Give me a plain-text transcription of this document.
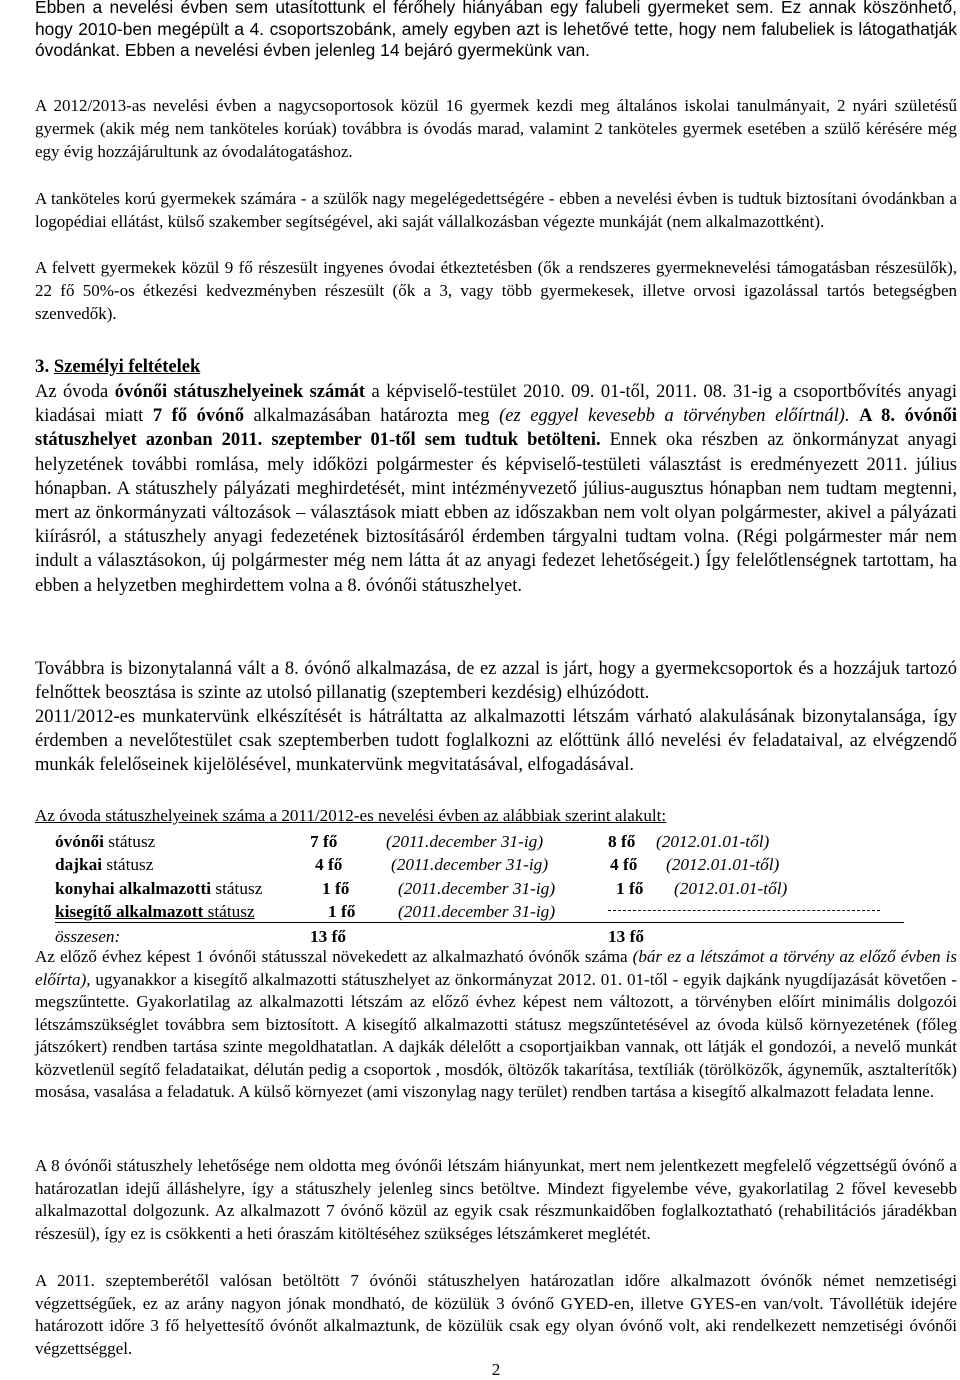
Ebben a nevelési évben sem utasítottunk el férőhely hiányában egy falubeli gyermeket sem. Ez annak köszönhető, hogy 2010-ben megépült a 4. csoportszobánk, amely egyben azt is lehetővé tette, hogy nem falubeliek is látogathatják óvodánkat. Ebben a nevelési évben jelenleg 14 bejáró gyermekünk van.

A 2012/2013-as nevelési évben a nagycsoportosok közül 16 gyermek kezdi meg általános iskolai tanulmányait, 2 nyári születésű gyermek (akik még nem tanköteles korúak) továbbra is óvodás marad, valamint 2 tanköteles gyermek esetében a szülő kérésére még egy évig hozzájárultunk az óvodalátogatáshoz.

A tanköteles korú gyermekek számára - a szülők nagy megelégedettségére - ebben a nevelési évben is tudtuk biztosítani óvodánkban a logopédiai ellátást, külső szakember segítségével, aki saját vállalkozásban végezte munkáját (nem alkalmazottként).

A felvett gyermekek közül 9 fő részesült ingyenes óvodai étkeztetésben (ők a rendszeres gyermeknevelési támogatásban részesülők), 22 fő 50%-os étkezési kedvezményben részesült (ők a 3, vagy több gyermekesek, illetve orvosi igazolással tartós betegségben szenvedők).

3. Személyi feltételek

Az óvoda óvónői státuszhelyeinek számát a képviselő-testület 2010. 09. 01-től, 2011. 08. 31-ig a csoportbővítés anyagi kiadásai miatt 7 fő óvónő alkalmazásában határozta meg (ez eggyel kevesebb a törvényben előírtnál). A 8. óvónői státuszhelyet azonban 2011. szeptember 01-től sem tudtuk betölteni. Ennek oka részben az önkormányzat anyagi helyzetének további romlása, mely időközi polgármester és képviselő-testületi választást is eredményezett 2011. július hónapban. A státuszhely pályázati meghirdetését, mint intézményvezető július-augusztus hónapban nem tudtam megtenni, mert az önkormányzati változások – választások miatt ebben az időszakban nem volt olyan polgármester, akivel a pályázati kiírásról, a státuszhely anyagi fedezetének biztosításáról érdemben tárgyalni tudtam volna. (Régi polgármester már nem indult a választásokon, új polgármester még nem látta át az anyagi fedezet lehetőségeit.) Így felelőtlenségnek tartottam, ha ebben a helyzetben meghirdettem volna a 8. óvónői státuszhelyet.

Továbbra is bizonytalanná vált a 8. óvónő alkalmazása, de ez azzal is járt, hogy a gyermekcsoportok és a hozzájuk tartozó felnőttek beosztása is szinte az utolsó pillanatig (szeptemberi kezdésig) elhúzódott.

2011/2012-es munkatervünk elkészítését is hátráltatta az alkalmazotti létszám várható alakulásának bizonytalansága, így érdemben a nevelőtestület csak szeptemberben tudott foglalkozni az előttünk álló nevelési év feladataival, az elvégzendő munkák felelőseinek kijelölésével, munkatervünk megvitatásával, elfogadásával.

Az óvoda státuszhelyeinek száma a 2011/2012-es nevelési évben az alábbiak szerint alakult:

óvónői státusz	7 fő	(2011.december 31-ig)	8 fő	(2012.01.01-től)
dajkai státusz	4 fő	(2011.december 31-ig)	4 fő	(2012.01.01-től)
konyhai alkalmazotti státusz	1 fő	(2011.december 31-ig)	1 fő	(2012.01.01-től)
kisegítő alkalmazott státusz	1 fő	(2011.december 31-ig)		
összesen:	13 fő		13 fő	

Az előző évhez képest 1 óvónői státusszal növekedett az alkalmazható óvónők száma (bár ez a létszámot a törvény az előző évben is előírta), ugyanakkor a kisegítő alkalmazotti státuszhelyet az önkormányzat 2012. 01. 01-től - egyik dajkánk nyugdíjazását követően - megszűntette. Gyakorlatilag az alkalmazotti létszám az előző évhez képest nem változott, a törvényben előírt minimális dolgozói létszámszükséglet továbbra sem biztosított. A kisegítő alkalmazotti státusz megszűntetésével az óvoda külső környezetének (főleg játszókert) rendben tartása szinte megoldhatatlan. A dajkák délelőtt a csoportjaikban vannak, ott látják el gondozói, a nevelő munkát közvetlenül segítő feladataikat, délután pedig a csoportok , mosdók, öltözők takarítása, textíliák (törölközők, ágyneműk, asztalterítők) mosása, vasalása a feladatuk. A külső környezet (ami viszonylag nagy terület) rendben tartása a kisegítő alkalmazott feladata lenne.

A 8 óvónői státuszhely lehetősége nem oldotta meg óvónői létszám hiányunkat, mert nem jelentkezett megfelelő végzettségű óvónő a határozatlan idejű álláshelyre, így a státuszhely jelenleg sincs betöltve. Mindezt figyelembe véve, gyakorlatilag 2 fővel kevesebb alkalmazottal dolgozunk. Az alkalmazott 7 óvónő közül az egyik csak részmunkaidőben foglalkoztatható (rehabilitációs járadékban részesül), így ez is csökkenti a heti óraszám kitöltéséhez szükséges létszámkeret meglétét.

A 2011. szeptemberétől valósan betöltött 7 óvónői státuszhelyen határozatlan időre alkalmazott óvónők német nemzetiségi végzettségűek, ez az arány nagyon jónak mondható, de közülük 3 óvónő GYED-en, illetve GYES-en van/volt. Távollétük idejére határozott időre 3 fő helyettesítő óvónőt alkalmaztunk, de közülük csak egy olyan óvónő volt, aki rendelkezett nemzetiségi óvónői végzettséggel.

2
